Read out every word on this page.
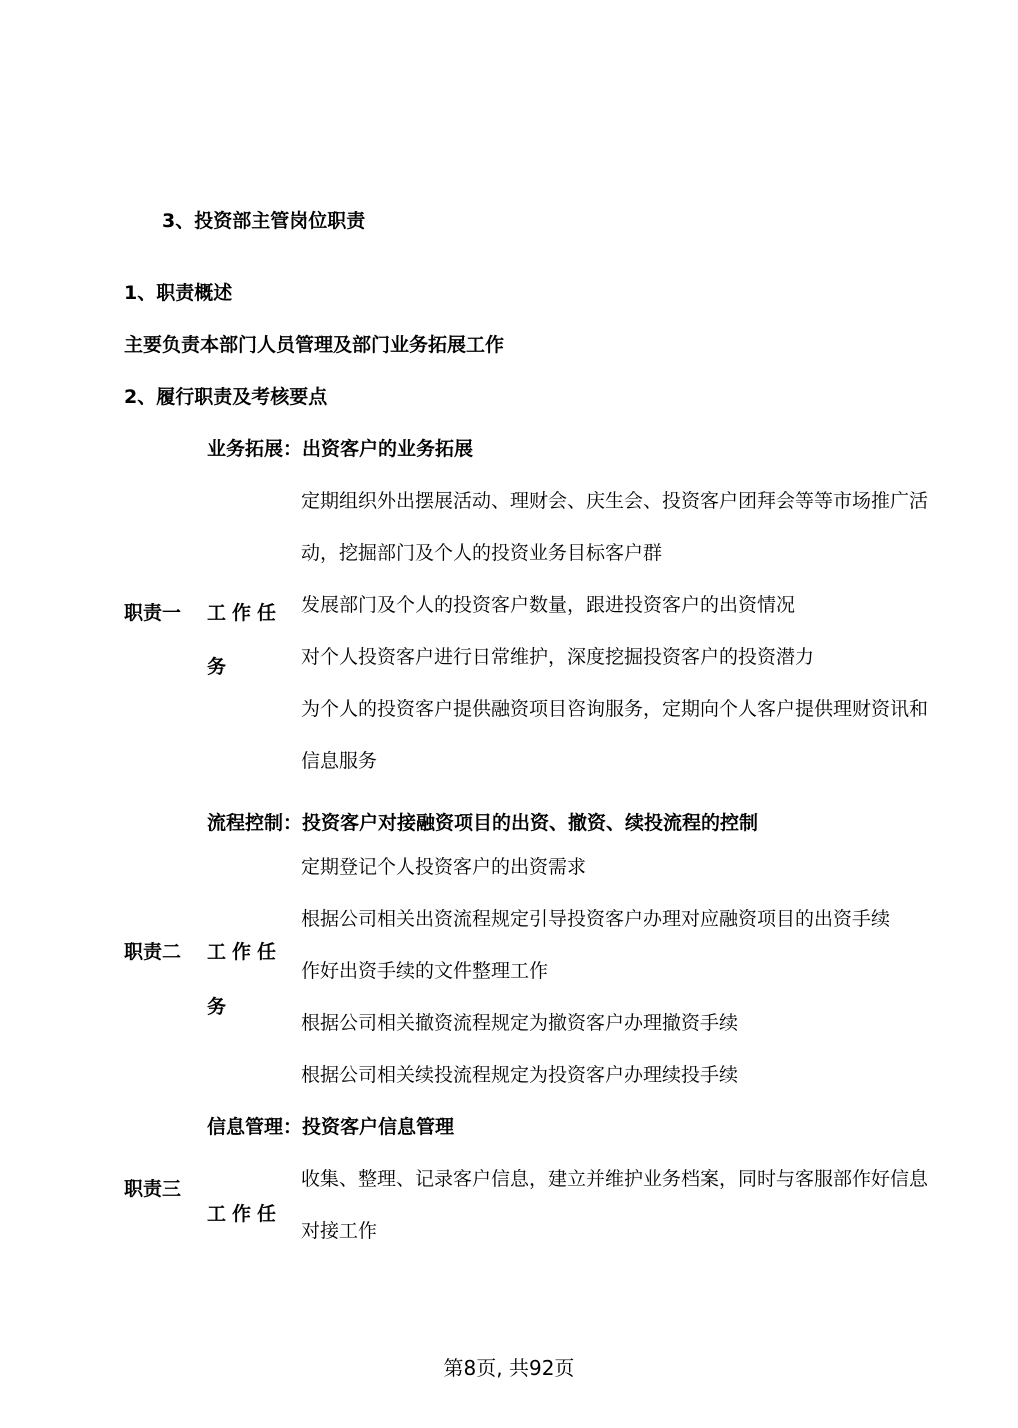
3、投资部主管岗位职责
1、职责概述
主要负责本部门人员管理及部门业务拓展工作
2、履行职责及考核要点
业务拓展：出资客户的业务拓展
职责一 工作任
务
定期组织外出摆展活动、理财会、庆生会、投资客户团拜会等等市场推广活
动，挖掘部门及个人的投资业务目标客户群
发展部门及个人的投资客户数量，跟进投资客户的出资情况
对个人投资客户进行日常维护，深度挖掘投资客户的投资潜力
为个人的投资客户提供融资项目咨询服务，定期向个人客户提供理财资讯和
信息服务
流程控制：投资客户对接融资项目的出资、撤资、续投流程的控制
职责二 工作任
务
定期登记个人投资客户的出资需求
根据公司相关出资流程规定引导投资客户办理对应融资项目的出资手续
作好出资手续的文件整理工作
根据公司相关撤资流程规定为撤资客户办理撤资手续
根据公司相关续投流程规定为投资客户办理续投手续
信息管理：投资客户信息管理
职责三
工作任
收集、整理、记录客户信息，建立并维护业务档案，同时与客服部作好信息
对接工作
第8页, 共92页
